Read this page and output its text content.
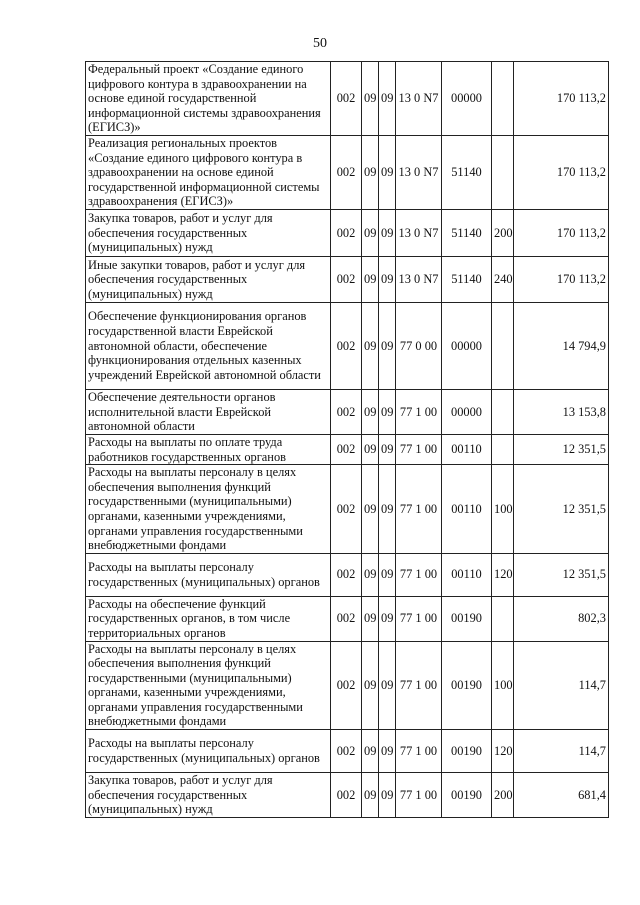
50
Федеральный проект «Создание единого цифрового контура в здравоохранении на основе единой государственной информационной системы здравоохранения (ЕГИСЗ)»	002	09	09	13 0 N7	00000		170 113,2
Реализация региональных проектов «Создание единого цифрового контура в здравоохранении на основе единой государственной информационной системы здравоохранения (ЕГИСЗ)»	002	09	09	13 0 N7	51140		170 113,2
Закупка товаров, работ и услуг для обеспечения государственных (муниципальных) нужд	002	09	09	13 0 N7	51140	200	170 113,2
Иные закупки товаров, работ и услуг для обеспечения государственных (муниципальных) нужд	002	09	09	13 0 N7	51140	240	170 113,2
Обеспечение функционирования органов государственной власти Еврейской автономной области, обеспечение функционирования отдельных казенных учреждений Еврейской автономной области	002	09	09	77 0 00	00000		14 794,9
Обеспечение деятельности органов исполнительной власти Еврейской автономной области	002	09	09	77 1 00	00000		13 153,8
Расходы на выплаты по оплате труда работников государственных органов	002	09	09	77 1 00	00110		12 351,5
Расходы на выплаты персоналу в целях обеспечения выполнения функций государственными (муниципальными) органами, казенными учреждениями, органами управления государственными внебюджетными фондами	002	09	09	77 1 00	00110	100	12 351,5
Расходы на выплаты персоналу государственных (муниципальных) органов	002	09	09	77 1 00	00110	120	12 351,5
Расходы на обеспечение функций государственных органов, в том числе территориальных органов	002	09	09	77 1 00	00190		802,3
Расходы на выплаты персоналу в целях обеспечения выполнения функций государственными (муниципальными) органами, казенными учреждениями, органами управления государственными внебюджетными фондами	002	09	09	77 1 00	00190	100	114,7
Расходы на выплаты персоналу государственных (муниципальных) органов	002	09	09	77 1 00	00190	120	114,7
Закупка товаров, работ и услуг для обеспечения государственных (муниципальных) нужд	002	09	09	77 1 00	00190	200	681,4
